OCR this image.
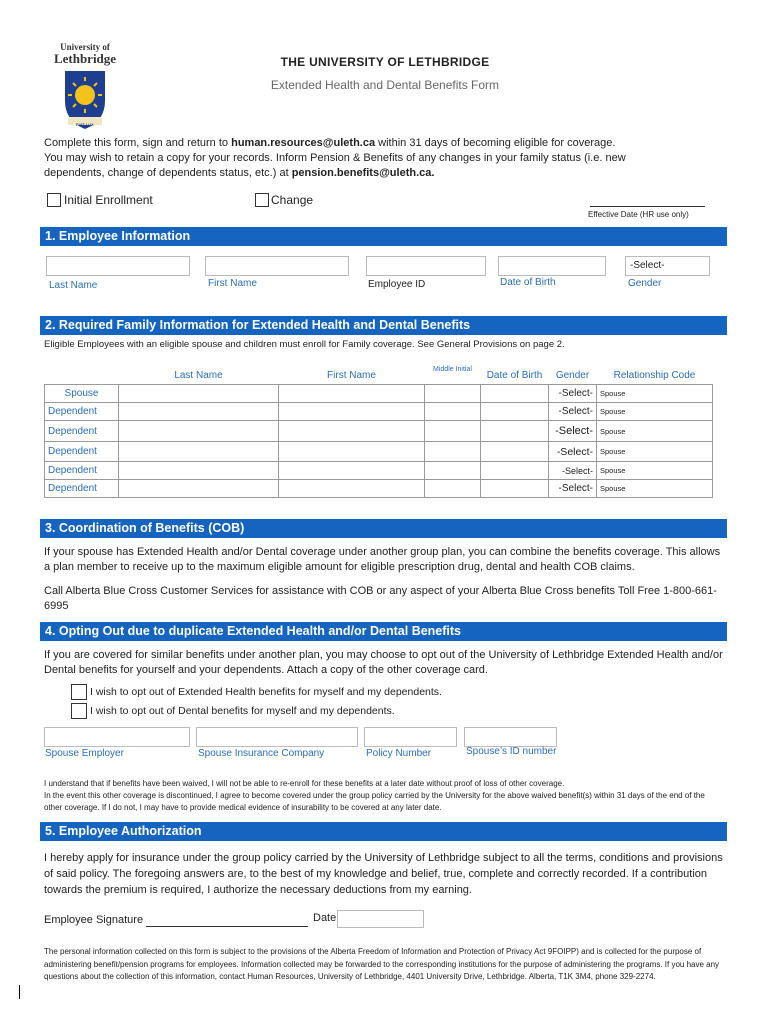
University of
Lethbridge
FIAT LUX
THE UNIVERSITY OF LETHBRIDGE
Extended Health and Dental Benefits Form
Complete this form, sign and return to human.resources@uleth.ca within 31 days of becoming eligible for coverage.
You may wish to retain a copy for your records. Inform Pension & Benefits of any changes in your family status (i.e. new
dependents, change of dependents status, etc.) at pension.benefits@uleth.ca.
Initial Enrollment	Change
Effective Date (HR use only)
1. Employee Information
Last Name	First Name	Employee ID	Date of Birth
-Select-
Gender
2. Required Family Information for Extended Health and Dental Benefits
Eligible Employees with an eligible spouse and children must enroll for Family coverage. See General Provisions on page 2.
	Last Name	First Name	Middle Initial	Date of Birth	Gender	Relationship Code
Spouse					-Select-	Spouse
Dependent					-Select-	Spouse
Dependent					-Select-	Spouse
Dependent					-Select-	Spouse
Dependent					-Select-	Spouse
Dependent					-Select-	Spouse
3. Coordination of Benefits (COB)
If your spouse has Extended Health and/or Dental coverage under another group plan, you can combine the benefits coverage. This allows a plan member to receive up to the maximum eligible amount for eligible prescription drug, dental and health COB claims.
Call Alberta Blue Cross Customer Services for assistance with COB or any aspect of your Alberta Blue Cross benefits Toll Free 1-800-661-6995
4. Opting Out due to duplicate Extended Health and/or Dental Benefits
If you are covered for similar benefits under another plan, you may choose to opt out of the University of Lethbridge Extended Health and/or Dental benefits for yourself and your dependents. Attach a copy of the other coverage card.
I wish to opt out of Extended Health benefits for myself and my dependents.
I wish to opt out of Dental benefits for myself and my dependents.
Spouse Employer	Spouse Insurance Company	Policy Number	Spouse’s ID number
I understand that if benefits have been waived, I will not be able to re-enroll for these benefits at a later date without proof of loss of other coverage.
In the event this other coverage is discontinued, I agree to become covered under the group policy carried by the University for the above waived benefit(s) within 31 days of the end of the other coverage. If I do not, I may have to provide medical evidence of insurability to be covered at any later date.
5. Employee Authorization
I hereby apply for insurance under the group policy carried by the University of Lethbridge subject to all the terms, conditions and provisions of said policy. The foregoing answers are, to the best of my knowledge and belief, true, complete and correctly recorded. If a contribution towards the premium is required, I authorize the necessary deductions from my earning.
Employee Signature	Date
The personal information collected on this form is subject to the provisions of the Alberta Freedom of Information and Protection of Privacy Act 9FOIPP) and is collected for the purpose of administering benefit/pension programs for employees. Information collected may be forwarded to the corresponding institutions for the purpose of administering the programs. If you have any questions about the collection of this information, contact Human Resources, University of Lethbridge, 4401 University Drive, Lethbridge. Alberta, T1K 3M4, phone 329-2274.
